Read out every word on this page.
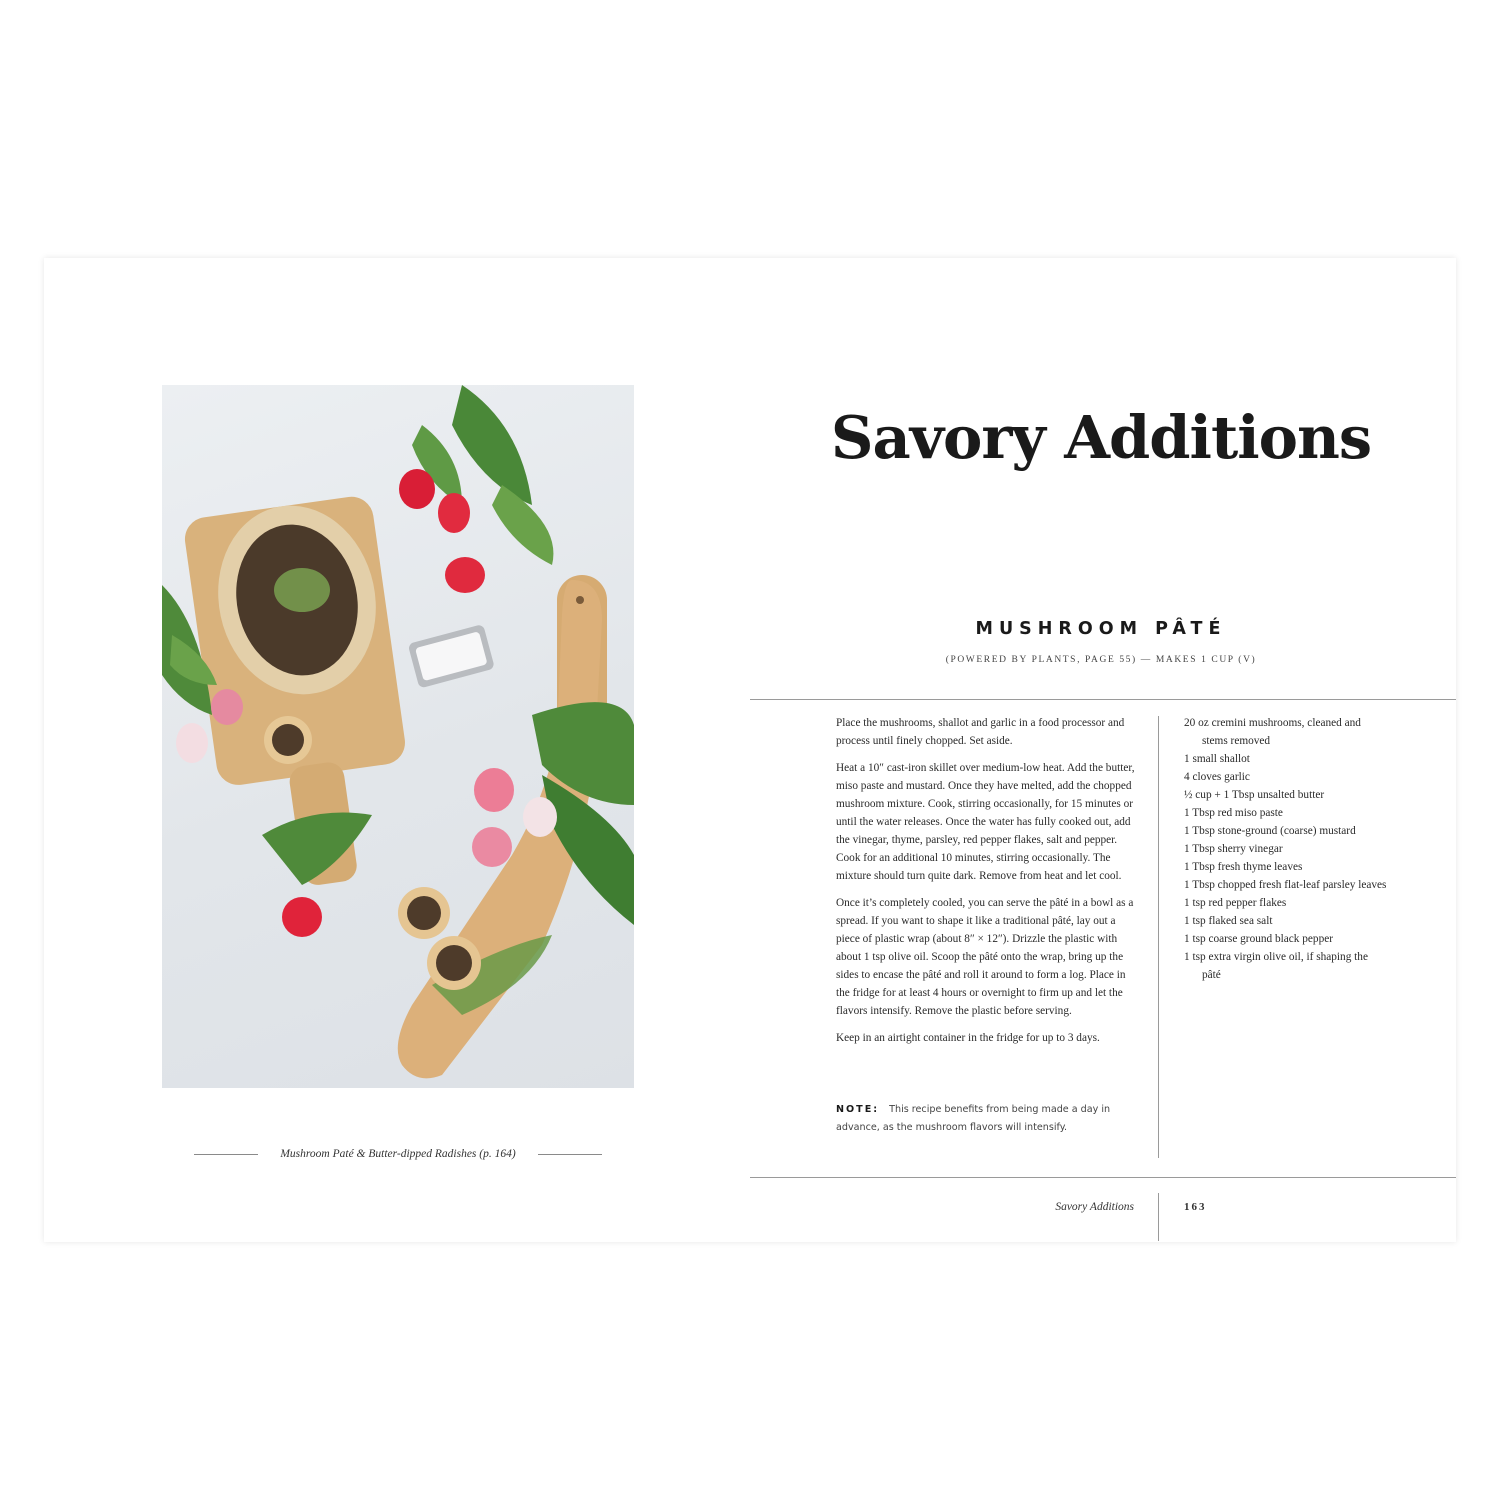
Mushroom Paté & Butter-dipped Radishes (p. 164)
Savory Additions
MUSHROOM PÂTÉ
(POWERED BY PLANTS, PAGE 55) — MAKES 1 CUP (V)

Place the mushrooms, shallot and garlic in a food processor and process until finely chopped. Set aside.

Heat a 10″ cast-iron skillet over medium-low heat. Add the butter, miso paste and mustard. Once they have melted, add the chopped mushroom mixture. Cook, stirring occasionally, for 15 minutes or until the water releases. Once the water has fully cooked out, add the vinegar, thyme, parsley, red pepper flakes, salt and pepper. Cook for an additional 10 minutes, stirring occasionally. The mixture should turn quite dark. Remove from heat and let cool.

Once it’s completely cooled, you can serve the pâté in a bowl as a spread. If you want to shape it like a traditional pâté, lay out a piece of plastic wrap (about 8″ × 12″). Drizzle the plastic with about 1 tsp olive oil. Scoop the pâté onto the wrap, bring up the sides to encase the pâté and roll it around to form a log. Place in the fridge for at least 4 hours or overnight to firm up and let the flavors intensify. Remove the plastic before serving.

Keep in an airtight container in the fridge for up to 3 days.

NOTE: This recipe benefits from being made a day in advance, as the mushroom flavors will intensify.
20 oz cremini mushrooms, cleaned and stems removed
1 small shallot
4 cloves garlic
½ cup + 1 Tbsp unsalted butter
1 Tbsp red miso paste
1 Tbsp stone-ground (coarse) mustard
1 Tbsp sherry vinegar
1 Tbsp fresh thyme leaves
1 Tbsp chopped fresh flat-leaf parsley leaves
1 tsp red pepper flakes
1 tsp flaked sea salt
1 tsp coarse ground black pepper
1 tsp extra virgin olive oil, if shaping the pâté
Savory Additions	163
